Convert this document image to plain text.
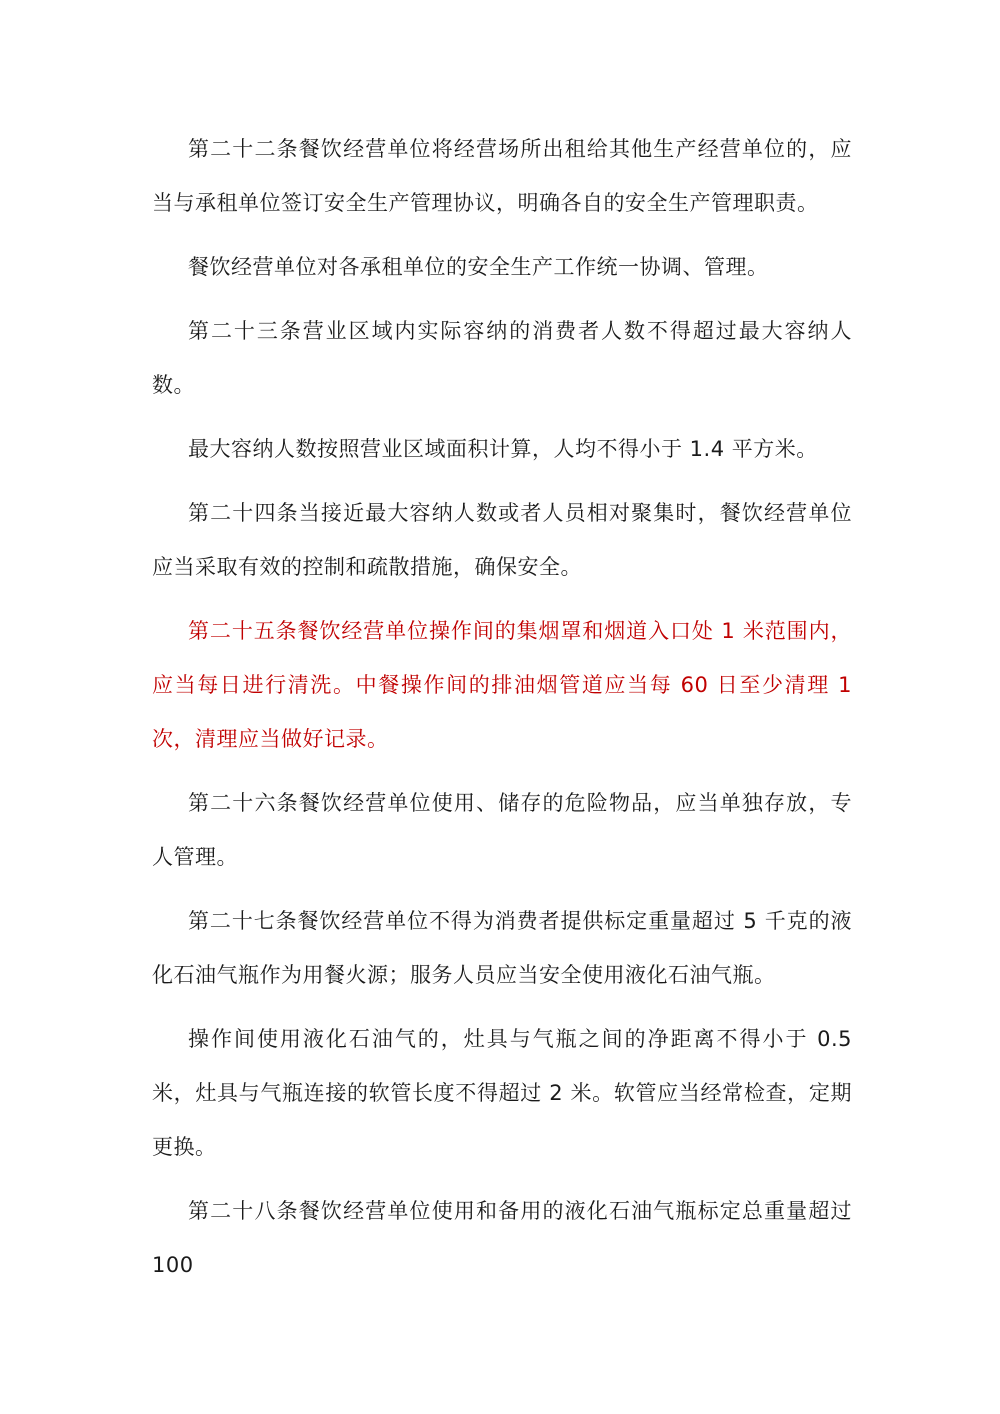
第二十二条餐饮经营单位将经营场所出租给其他生产经营单位的，应当与承租单位签订安全生产管理协议，明确各自的安全生产管理职责。

餐饮经营单位对各承租单位的安全生产工作统一协调、管理。

第二十三条营业区域内实际容纳的消费者人数不得超过最大容纳人数。

最大容纳人数按照营业区域面积计算，人均不得小于 1.4 平方米。

第二十四条当接近最大容纳人数或者人员相对聚集时，餐饮经营单位应当采取有效的控制和疏散措施，确保安全。

第二十五条餐饮经营单位操作间的集烟罩和烟道入口处 1 米范围内，应当每日进行清洗。中餐操作间的排油烟管道应当每 60 日至少清理 1 次，清理应当做好记录。

第二十六条餐饮经营单位使用、储存的危险物品，应当单独存放，专人管理。

第二十七条餐饮经营单位不得为消费者提供标定重量超过 5 千克的液化石油气瓶作为用餐火源；服务人员应当安全使用液化石油气瓶。

操作间使用液化石油气的，灶具与气瓶之间的净距离不得小于 0.5 米，灶具与气瓶连接的软管长度不得超过 2 米。软管应当经常检查，定期更换。

第二十八条餐饮经营单位使用和备用的液化石油气瓶标定总重量超过 100
